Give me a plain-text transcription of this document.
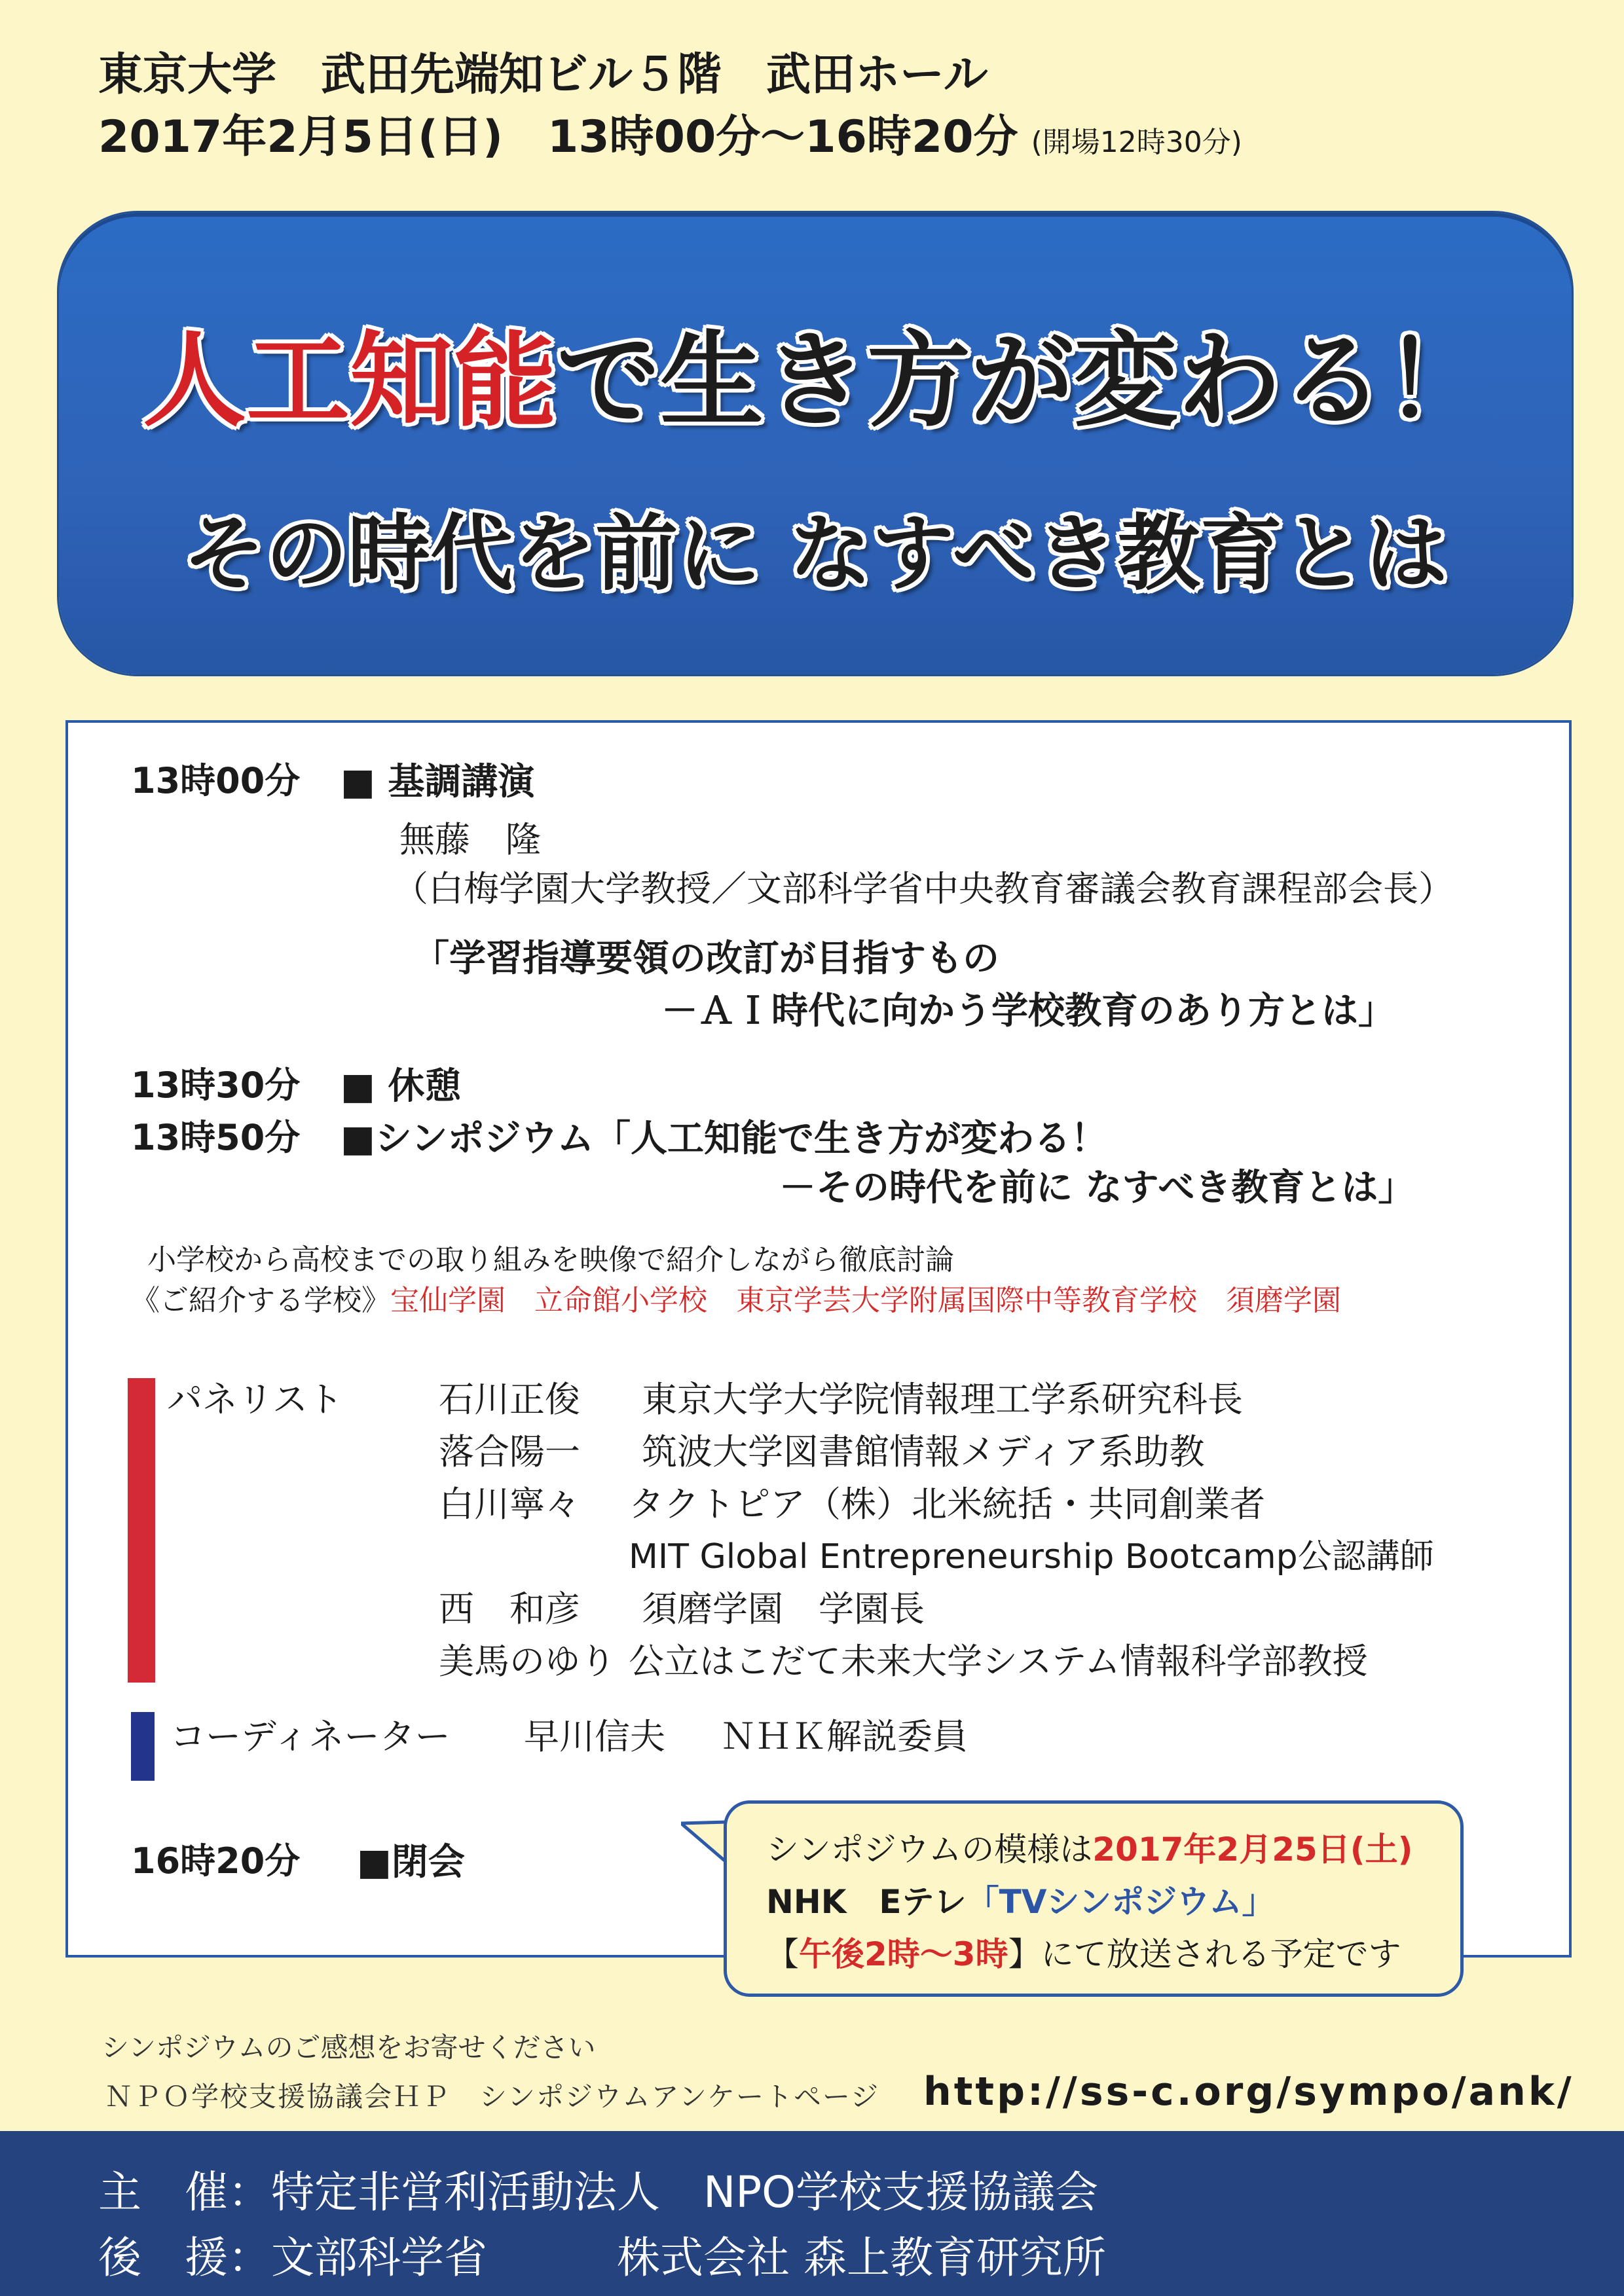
東京大学　武田先端知ビル５階　武田ホール
2017年2月5日(日)　13時00分～16時20分 (開場12時30分)
人工知能で生き方が変わる！
その時代を前に なすべき教育とは
13時00分 ■ 基調講演
無藤　隆
（白梅学園大学教授／文部科学省中央教育審議会教育課程部会長）
「学習指導要領の改訂が目指すもの
－ＡＩ時代に向かう学校教育のあり方とは」
13時30分 ■ 休憩
13時50分 ■シンポジウム「人工知能で生き方が変わる！
－その時代を前に なすべき教育とは」
小学校から高校までの取り組みを映像で紹介しながら徹底討論
《ご紹介する学校》宝仙学園　立命館小学校　東京学芸大学附属国際中等教育学校　須磨学園
パネリスト	石川正俊 東京大学大学院情報理工学系研究科長
落合陽一 筑波大学図書館情報メディア系助教
白川寧々 タクトピア（株）北米統括・共同創業者
MIT Global Entrepreneurship Bootcamp公認講師
西　和彦 須磨学園　学園長
美馬のゆり 公立はこだて未来大学システム情報科学部教授
コーディネーター 早川信夫 ＮＨＫ解説委員
16時20分 ■閉会	シンポジウムの模様は2017年2月25日(土)
NHK　Eテレ「TVシンポジウム」
【午後2時～3時】にて放送される予定です
シンポジウムのご感想をお寄せください
ＮＰＯ学校支援協議会ＨＰ　シンポジウムアンケートページ http://ss-c.org/sympo/ank/
主　催：特定非営利活動法人　NPO学校支援協議会
後　援：文部科学省　　　株式会社 森上教育研究所
